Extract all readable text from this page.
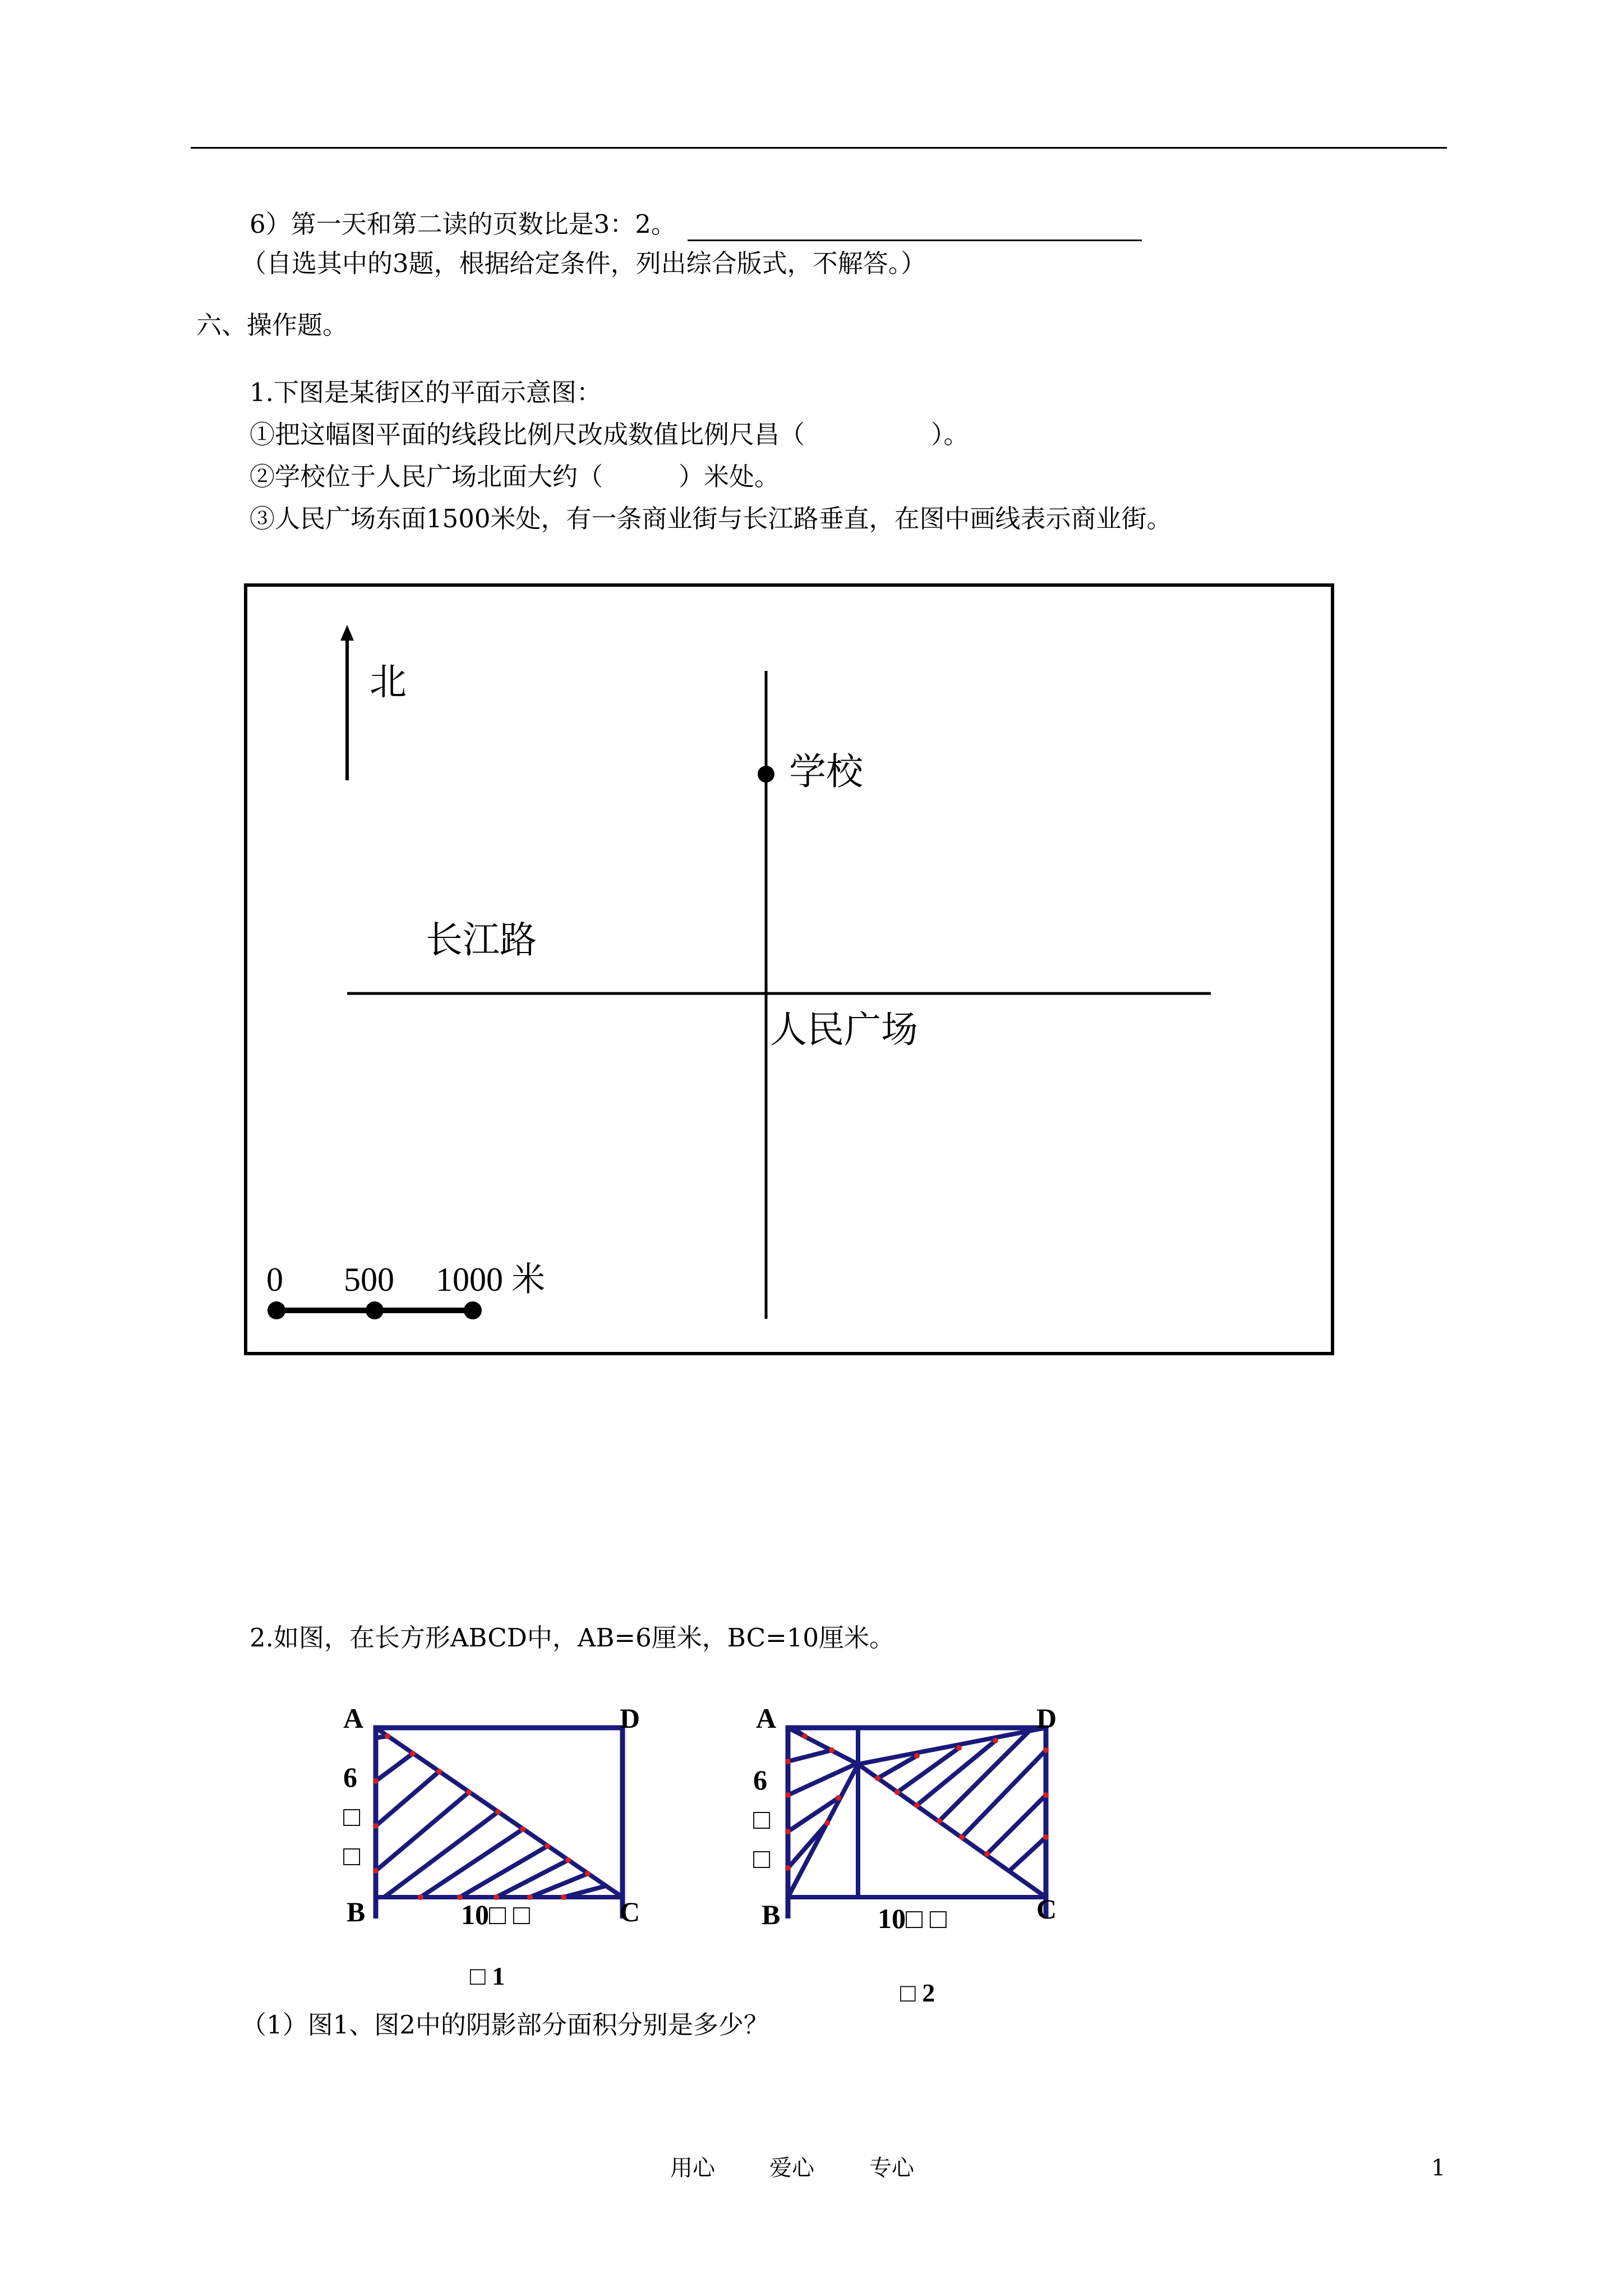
6）第一天和第二读的页数比是3：2。
（自选其中的3题，根据给定条件，列出综合版式，不解答。）
六、操作题。
1.下图是某街区的平面示意图：
①把这幅图平面的线段比例尺改成数值比例尺昌（　　　　　）。
②学校位于人民广场北面大约（　　　）米处。
③人民广场东面1500米处，有一条商业街与长江路垂直，在图中画线表示商业街。
北
学校
长江路
人民广场
0 500 1000 米
2.如图，在长方形ABCD中，AB=6厘米，BC=10厘米。
A	D
B	C
6
□
□
10□ □
□ 1
A	D
B	C
6
□
□
10□ □
□ 2
（1）图1、图2中的阴影部分面积分别是多少？
用心 爱心 专心	1
